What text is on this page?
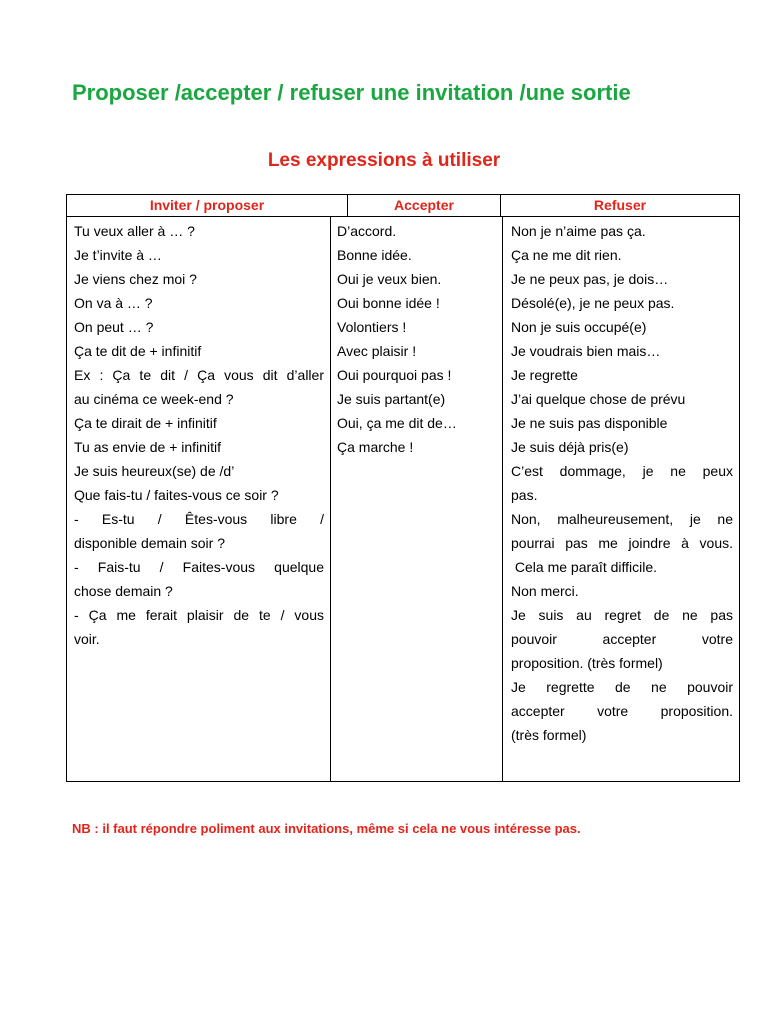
Proposer /accepter / refuser une invitation /une sortie
Les expressions à utiliser
Inviter / proposer	Accepter	Refuser
Tu veux aller à … ?
Je t’invite à …
Je viens chez moi ?
On va à … ?
On peut … ?
Ça te dit de + infinitif
Ex : Ça te dit / Ça vous dit d’aller
au cinéma ce week-end ?
Ça te dirait de + infinitif
Tu as envie de + infinitif
Je suis heureux(se) de /d’
Que fais-tu / faites-vous ce soir ?
- Es-tu / Êtes-vous libre /
disponible demain soir ?
- Fais-tu / Faites-vous quelque
chose demain ?
- Ça me ferait plaisir de te / vous
voir.
D’accord.
Bonne idée.
Oui je veux bien.
Oui bonne idée !
Volontiers !
Avec plaisir !
Oui pourquoi pas !
Je suis partant(e)
Oui, ça me dit de…
Ça marche !
Non je n’aime pas ça.
Ça ne me dit rien.
Je ne peux pas, je dois…
Désolé(e), je ne peux pas.
Non je suis occupé(e)
Je voudrais bien mais…
Je regrette
J’ai quelque chose de prévu
Je ne suis pas disponible
Je suis déjà pris(e)
C’est dommage, je ne peux
pas.
Non, malheureusement, je ne
pourrai pas me joindre à vous.
Cela me paraît difficile.
Non merci.
Je suis au regret de ne pas
pouvoir accepter votre
proposition. (très formel)
Je regrette de ne pouvoir
accepter votre proposition.
(très formel)

NB : il faut répondre poliment aux invitations, même si cela ne vous intéresse pas.
